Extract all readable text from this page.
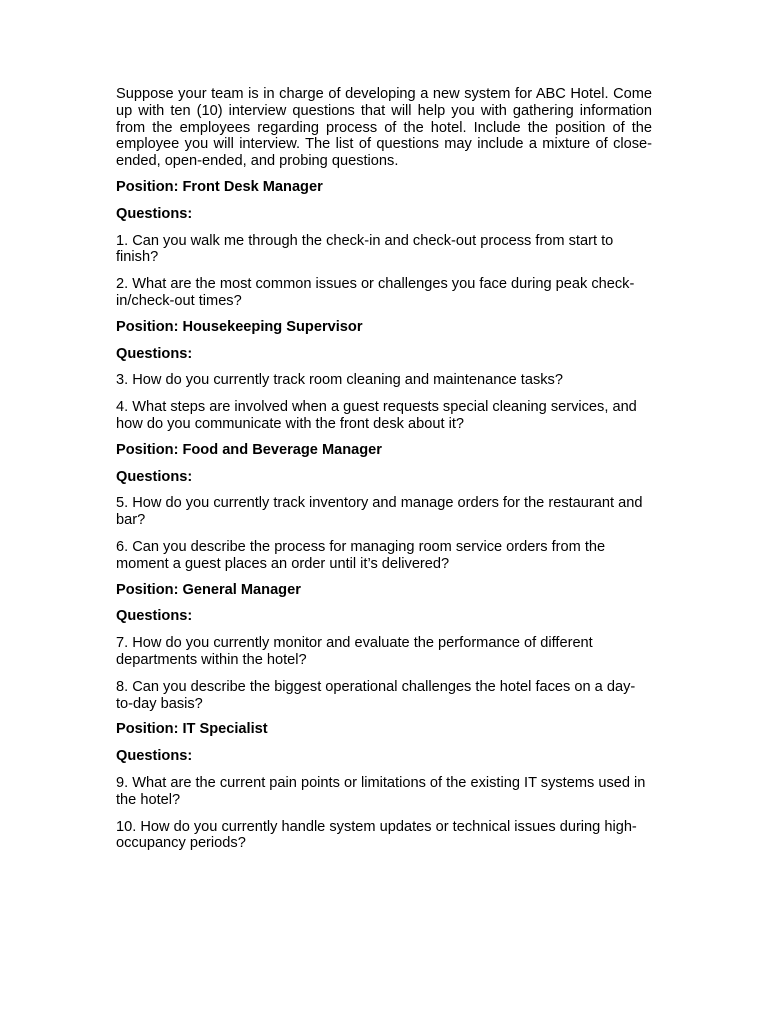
Suppose your team is in charge of developing a new system for ABC Hotel. Come up with ten (10) interview questions that will help you with gathering information from the employees regarding process of the hotel. Include the position of the employee you will interview. The list of questions may include a mixture of close-ended, open-ended, and probing questions.

Position: Front Desk Manager

Questions:

1. Can you walk me through the check-in and check-out process from start to finish?

2. What are the most common issues or challenges you face during peak check-in/check-out times?

Position: Housekeeping Supervisor

Questions:

3. How do you currently track room cleaning and maintenance tasks?

4. What steps are involved when a guest requests special cleaning services, and how do you communicate with the front desk about it?

Position: Food and Beverage Manager

Questions:

5. How do you currently track inventory and manage orders for the restaurant and bar?

6. Can you describe the process for managing room service orders from the moment a guest places an order until it’s delivered?

Position: General Manager

Questions:

7. How do you currently monitor and evaluate the performance of different departments within the hotel?

8. Can you describe the biggest operational challenges the hotel faces on a day-to-day basis?

Position: IT Specialist

Questions:

9. What are the current pain points or limitations of the existing IT systems used in the hotel?

10. How do you currently handle system updates or technical issues during high-occupancy periods?
